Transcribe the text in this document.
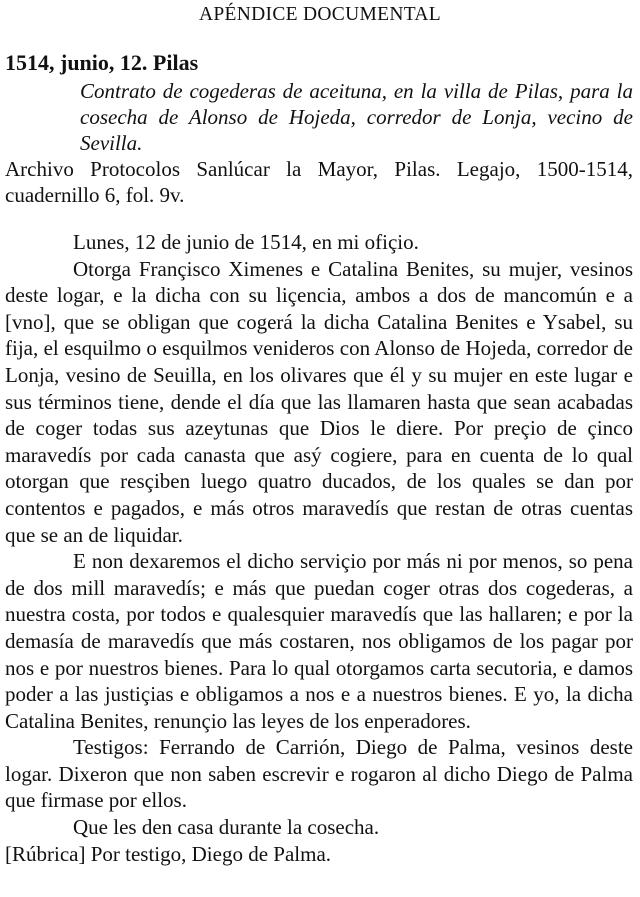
APÉNDICE DOCUMENTAL
1514, junio, 12. Pilas

Contrato de cogederas de aceituna, en la villa de Pilas, para la cosecha de Alonso de Hojeda, corredor de Lonja, vecino de Sevilla.

Archivo Protocolos Sanlúcar la Mayor, Pilas. Legajo, 1500-1514, cuadernillo 6, fol. 9v.

Lunes, 12 de junio de 1514, en mi ofiçio.

Otorga Françisco Ximenes e Catalina Benites, su mujer, vesinos deste logar, e la dicha con su liçencia, ambos a dos de mancomún e a [vno], que se obligan que cogerá la dicha Catalina Benites e Ysabel, su fija, el esquilmo o esquilmos venideros con Alonso de Hojeda, corredor de Lonja, vesino de Seuilla, en los olivares que él y su mujer en este lugar e sus términos tiene, dende el día que las llamaren hasta que sean acabadas de coger todas sus azeytunas que Dios le diere. Por preçio de çinco maravedís por cada canasta que asý cogiere, para en cuenta de lo qual otorgan que resçiben luego quatro ducados, de los quales se dan por contentos e pagados, e más otros maravedís que restan de otras cuentas que se an de liquidar.

E non dexaremos el dicho serviçio por más ni por menos, so pena de dos mill maravedís; e más que puedan coger otras dos cogederas, a nuestra costa, por todos e qualesquier maravedís que las hallaren; e por la demasía de maravedís que más costaren, nos obligamos de los pagar por nos e por nuestros bienes. Para lo qual otorgamos carta secutoria, e damos poder a las justiçias e obligamos a nos e a nuestros bienes. E yo, la dicha Catalina Benites, renunçio las leyes de los enperadores.

Testigos: Ferrando de Carrión, Diego de Palma, vesinos deste logar. Dixeron que non saben escrevir e rogaron al dicho Diego de Palma que firmase por ellos.

Que les den casa durante la cosecha.

[Rúbrica] Por testigo, Diego de Palma.
